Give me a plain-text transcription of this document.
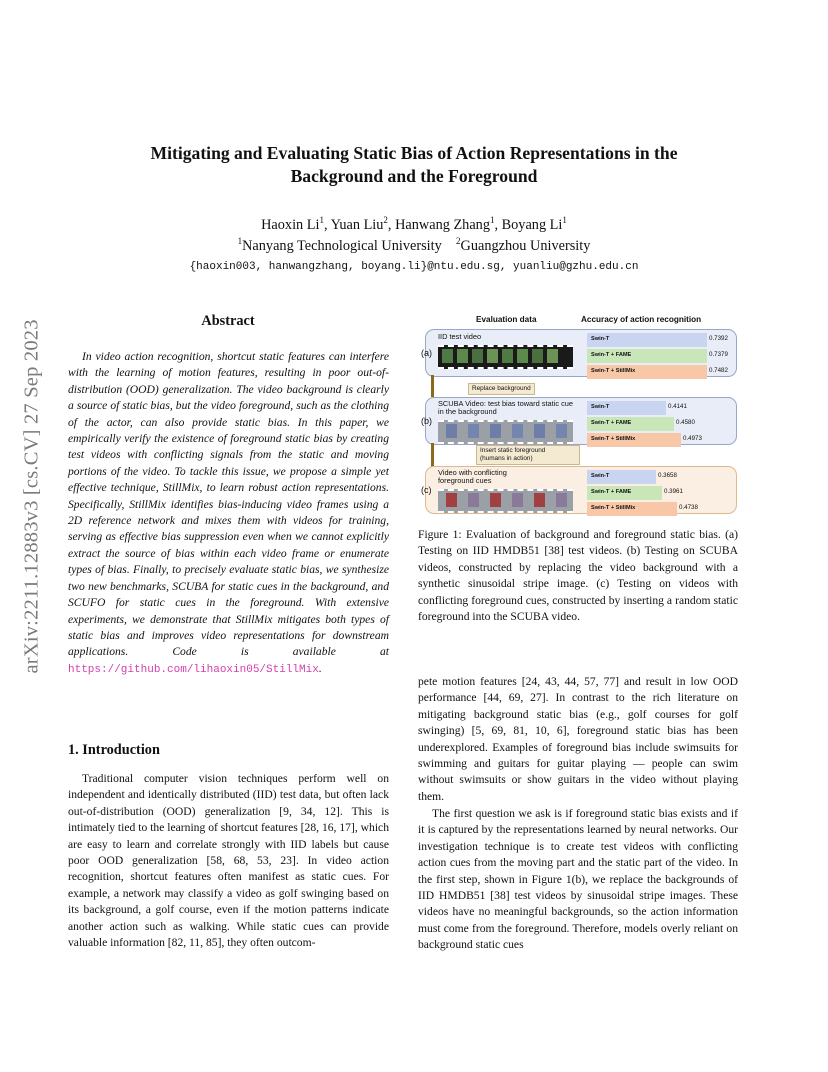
arXiv:2211.12883v3 [cs.CV] 27 Sep 2023
Mitigating and Evaluating Static Bias of Action Representations in the
Background and the Foreground
Haoxin Li$^1$, Yuan Liu$^2$, Hanwang Zhang$^1$, Boyang Li$^1$
$^1$Nanyang Technological University $^2$Guangzhou University
{haoxin003, hanwangzhang, boyang.li}@ntu.edu.sg, yuanliu@gzhu.edu.cn
Abstract
In video action recognition, shortcut static features can interfere with the learning of motion features, resulting in poor out-of-distribution (OOD) generalization. The video background is clearly a source of static bias, but the video foreground, such as the clothing of the actor, can also provide static bias. In this paper, we empirically verify the existence of foreground static bias by creating test videos with conflicting signals from the static and moving portions of the video. To tackle this issue, we propose a simple yet effective technique, StillMix, to learn robust action representations. Specifically, StillMix identifies bias-inducing video frames using a 2D reference network and mixes them with videos for training, serving as effective bias suppression even when we cannot explicitly extract the source of bias within each video frame or enumerate types of bias. Finally, to precisely evaluate static bias, we synthesize two new benchmarks, SCUBA for static cues in the background, and SCUFO for static cues in the foreground. With extensive experiments, we demonstrate that StillMix mitigates both types of static bias and improves video representations for downstream applications. Code is available at https://github.com/lihaoxin05/StillMix.
1. Introduction
Traditional computer vision techniques perform well on independent and identically distributed (IID) test data, but often lack out-of-distribution (OOD) generalization [9, 34, 12]. This is intimately tied to the learning of shortcut features [28, 16, 17], which are easy to learn and correlate strongly with IID labels but cause poor OOD generalization [58, 68, 53, 23]. In video action recognition, shortcut features often manifest as static cues. For example, a network may classify a video as golf swinging based on its background, a golf course, even if the motion patterns indicate another action such as walking. While static cues can provide valuable information [82, 11, 85], they often outcom-
Evaluation data	Accuracy of action recognition
(a)
IID test video	Swin-T	0.7392
Swin-T + FAME	0.7379
Swin-T + StillMix	0.7482
Replace background
(b)
SCUBA Video: test bias toward static cue in the background
Swin-T	0.4141
Swin-T + FAME	0.4580
Swin-T + StillMix	0.4973
Insert static foreground
(humans in action)
(c)
Video with conflicting foreground cues
Swin-T	0.3658
Swin-T + FAME	0.3961
Swin-T + StillMix	0.4738
Figure 1: Evaluation of background and foreground static bias. (a) Testing on IID HMDB51 [38] test videos. (b) Testing on SCUBA videos, constructed by replacing the video background with a synthetic sinusoidal stripe image. (c) Testing on videos with conflicting foreground cues, constructed by inserting a random static foreground into the SCUBA video.
pete motion features [24, 43, 44, 57, 77] and result in low OOD performance [44, 69, 27]. In contrast to the rich literature on mitigating background static bias (e.g., golf courses for golf swinging) [5, 69, 81, 10, 6], foreground static bias has been underexplored. Examples of foreground bias include swimsuits for swimming and guitars for guitar playing — people can swim without swimsuits or show guitars in the video without playing them.
The first question we ask is if foreground static bias exists and if it is captured by the representations learned by neural networks. Our investigation technique is to create test videos with conflicting action cues from the moving part and the static part of the video. In the first step, shown in Figure 1(b), we replace the backgrounds of IID HMDB51 [38] test videos by sinusoidal stripe images. These videos have no meaningful backgrounds, so the action information must come from the foreground. Therefore, models overly reliant on background static cues
